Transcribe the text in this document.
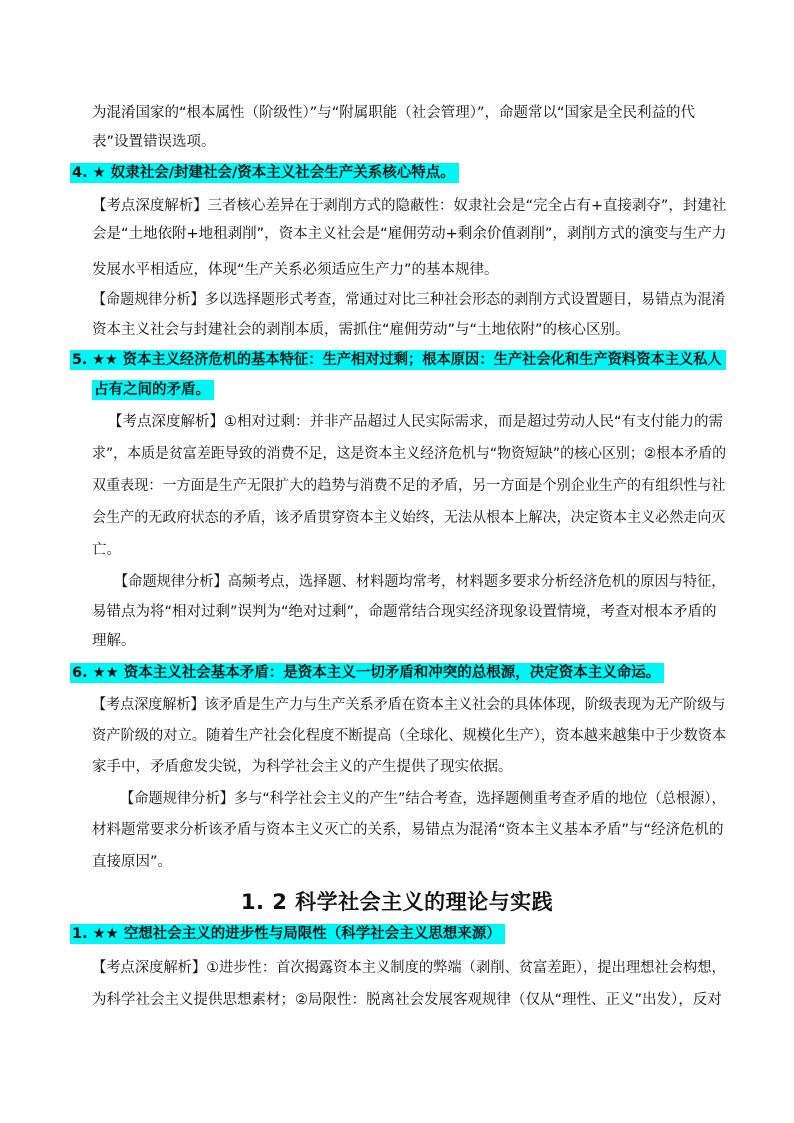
为混淆国家的“根本属性（阶级性）”与“附属职能（社会管理）”，命题常以“国家是全民利益的代
表”设置错误选项。
4. ★ 奴隶社会/封建社会/资本主义社会生产关系核心特点。
【考点深度解析】三者核心差异在于剥削方式的隐蔽性：奴隶社会是“完全占有+直接剥夺”，封建社
会是“土地依附+地租剥削”，资本主义社会是“雇佣劳动+剩余价值剥削”，剥削方式的演变与生产力
发展水平相适应，体现“生产关系必须适应生产力”的基本规律。
【命题规律分析】多以选择题形式考查，常通过对比三种社会形态的剥削方式设置题目，易错点为混淆
资本主义社会与封建社会的剥削本质，需抓住“雇佣劳动”与“土地依附”的核心区别。
5. ★★ 资本主义经济危机的基本特征：生产相对过剩；根本原因：生产社会化和生产资料资本主义私人
占有之间的矛盾。
【考点深度解析】①相对过剩：并非产品超过人民实际需求，而是超过劳动人民“有支付能力的需
求”，本质是贫富差距导致的消费不足，这是资本主义经济危机与“物资短缺”的核心区别；②根本矛盾的
双重表现：一方面是生产无限扩大的趋势与消费不足的矛盾，另一方面是个别企业生产的有组织性与社
会生产的无政府状态的矛盾，该矛盾贯穿资本主义始终，无法从根本上解决，决定资本主义必然走向灭
亡。
【命题规律分析】高频考点，选择题、材料题均常考，材料题多要求分析经济危机的原因与特征，
易错点为将“相对过剩”误判为“绝对过剩”，命题常结合现实经济现象设置情境，考查对根本矛盾的
理解。
6. ★★ 资本主义社会基本矛盾：是资本主义一切矛盾和冲突的总根源，决定资本主义命运。
【考点深度解析】该矛盾是生产力与生产关系矛盾在资本主义社会的具体体现，阶级表现为无产阶级与
资产阶级的对立。随着生产社会化程度不断提高（全球化、规模化生产），资本越来越集中于少数资本
家手中，矛盾愈发尖锐，为科学社会主义的产生提供了现实依据。
【命题规律分析】多与“科学社会主义的产生”结合考查，选择题侧重考查矛盾的地位（总根源），
材料题常要求分析该矛盾与资本主义灭亡的关系，易错点为混淆“资本主义基本矛盾”与“经济危机的
直接原因”。
1. 2 科学社会主义的理论与实践
1. ★★ 空想社会主义的进步性与局限性（科学社会主义思想来源）
【考点深度解析】①进步性：首次揭露资本主义制度的弊端（剥削、贫富差距），提出理想社会构想，
为科学社会主义提供思想素材；②局限性：脱离社会发展客观规律（仅从“理性、正义”出发），反对
